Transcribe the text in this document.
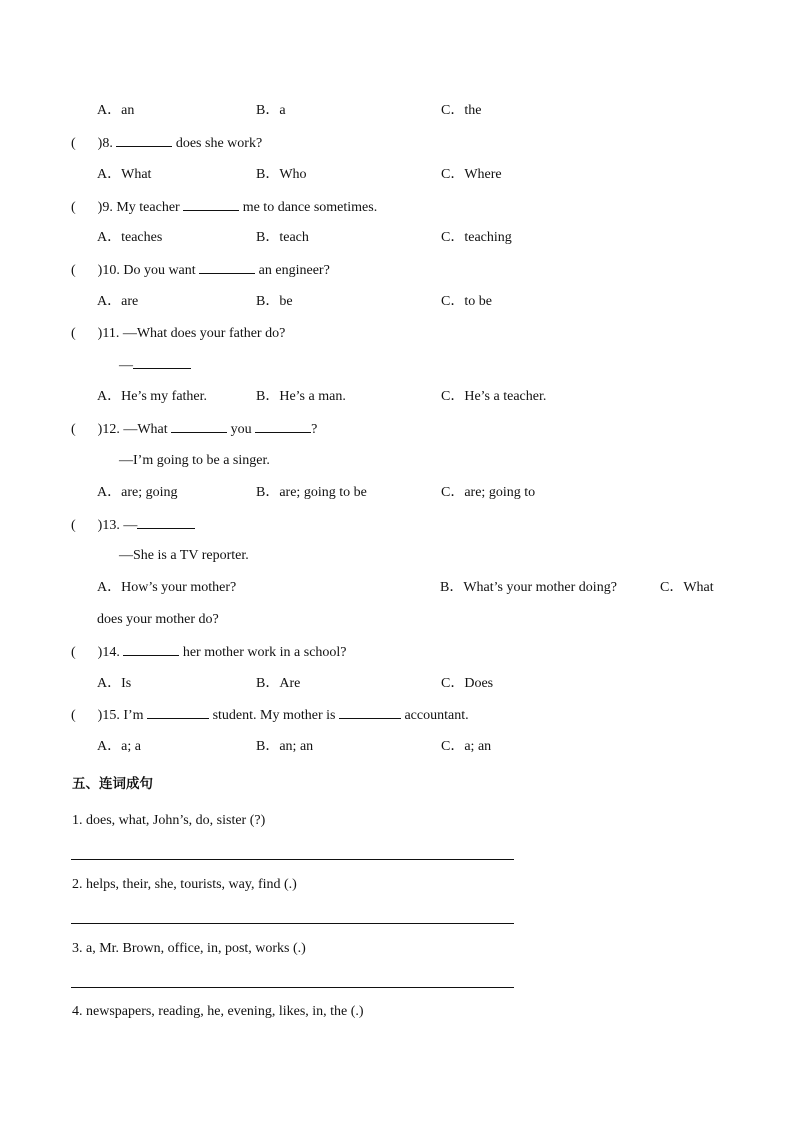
A．an	B．a	C．the
( )8.	does she work?
A．What	B．Who	C．Where
( )9. My teacher	me to dance sometimes.
A．teaches	B．teach	C．teaching
( )10. Do you want	an engineer?
A．are	B．be	C．to be
( )11. —What does your father do?
—
A．He’s my father.	B．He’s a man.	C．He’s a teacher.
( )12. —What	you	?
—I’m going to be a singer.
A．are; going	B．are; going to be	C．are; going to
( )13. —
—She is a TV reporter.
A．How’s your mother?	B．What’s your mother doing?	C．What
does your mother do?
( )14.	her mother work in a school?
A．Is	B．Are	C．Does
( )15. I’m	student. My mother is	accountant.
A．a; a	B．an; an	C．a; an
五、连词成句
1. does, what, John’s, do, sister (?)
2. helps, their, she, tourists, way, find (.)
3. a, Mr. Brown, office, in, post, works (.)
4. newspapers, reading, he, evening, likes, in, the (.)
